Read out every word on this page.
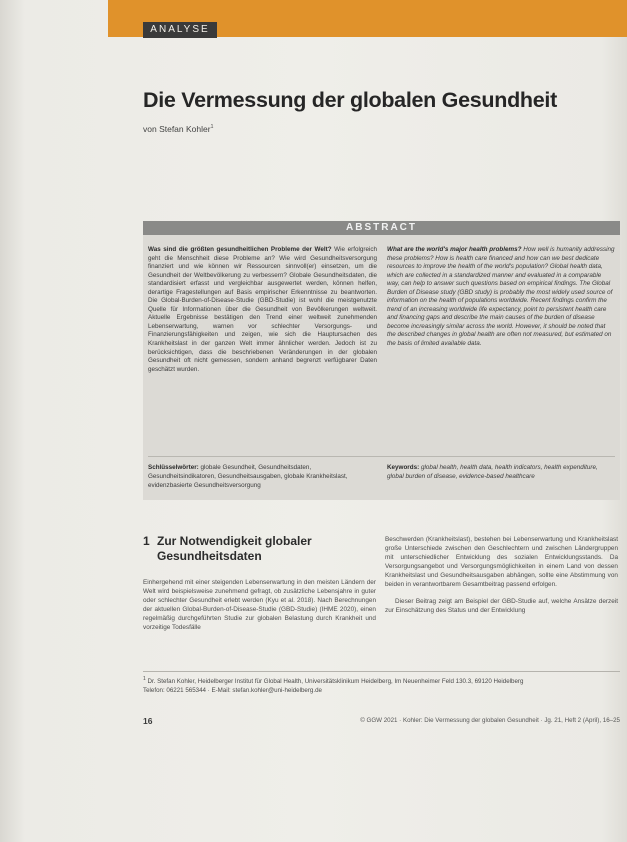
ANALYSE
Die Vermessung der globalen Gesundheit
von Stefan Kohler$^1$
ABSTRACT
Was sind die größten gesundheitlichen Probleme der Welt? Wie erfolgreich geht die Menschheit diese Probleme an? Wie wird Gesundheitsversorgung finanziert und wie können wir Ressourcen sinnvoll(er) einsetzen, um die Gesundheit der Weltbevölkerung zu verbessern? Globale Gesundheitsdaten, die standardisiert erfasst und vergleichbar ausgewertet werden, können helfen, derartige Fragestellungen auf Basis empirischer Erkenntnisse zu beantworten. Die Global-Burden-of-Disease-Studie (GBD-Studie) ist wohl die meistgenutzte Quelle für Informationen über die Gesundheit von Bevölkerungen weltweit. Aktuelle Ergebnisse bestätigen den Trend einer weltweit zunehmenden Lebenserwartung, warnen vor schlechter Versorgungs- und Finanzierungsfähigkeiten und zeigen, wie sich die Hauptursachen des Krankheitslast in der ganzen Welt immer ähnlicher werden. Jedoch ist zu berücksichtigen, dass die beschriebenen Veränderungen in der globalen Gesundheit oft nicht gemessen, sondern anhand begrenzt verfügbarer Daten geschätzt wurden.
What are the world's major health problems? How well is humanity addressing these problems? How is health care financed and how can we best dedicate resources to improve the health of the world's population? Global health data, which are collected in a standardized manner and evaluated in a comparable way, can help to answer such questions based on empirical findings. The Global Burden of Disease study (GBD study) is probably the most widely used source of information on the health of populations worldwide. Recent findings confirm the trend of an increasing worldwide life expectancy, point to persistent health care and financing gaps and describe the main causes of the burden of disease become increasingly similar across the world. However, it should be noted that the described changes in global health are often not measured, but estimated on the basis of limited available data.
Schlüsselwörter: globale Gesundheit, Gesundheitsdaten, Gesundheitsindikatoren, Gesundheitsausgaben, globale Krankheitslast, evidenzbasierte Gesundheitsversorgung
Keywords: global health, health data, health indicators, health expenditure, global burden of disease, evidence-based healthcare
1 Zur Notwendigkeit globaler
Gesundheitsdaten

Einhergehend mit einer steigenden Lebenserwartung in den meisten Ländern der Welt wird beispielsweise zunehmend gefragt, ob zusätzliche Lebensjahre in guter oder schlechter Gesundheit erlebt werden (Kyu et al. 2018). Nach Berechnungen der aktuellen Global-Burden-of-Disease-Studie (GBD-Studie) (IHME 2020), einen regelmäßig durchgeführten Studie zur globalen Belastung durch Krankheit und vorzeitige Todesfälle

Beschwerden (Krankheitslast), bestehen bei Lebenserwartung und Krankheitslast große Unterschiede zwischen den Geschlechtern und zwischen Ländergruppen mit unterschiedlicher Entwicklung des sozialen Entwicklungsstands. Da Versorgungsangebot und Versorgungsmöglichkeiten in einem Land von dessen Krankheitslast und Gesundheitsausgaben abhängen, sollte eine Abstimmung von beiden in verantwortbarem Gesamtbeitrag passend erfolgen.

Dieser Beitrag zeigt am Beispiel der GBD-Studie auf, welche Ansätze derzeit zur Einschätzung des Status und der Entwicklung

$^1$ Dr. Stefan Kohler, Heidelberger Institut für Global Health, Universitätsklinikum Heidelberg, Im Neuenheimer Feld 130.3, 69120 Heidelberg
Telefon: 06221 565344 · E-Mail: stefan.kohler@uni-heidelberg.de
16	© GGW 2021 · Kohler: Die Vermessung der globalen Gesundheit · Jg. 21, Heft 2 (April), 16–25
